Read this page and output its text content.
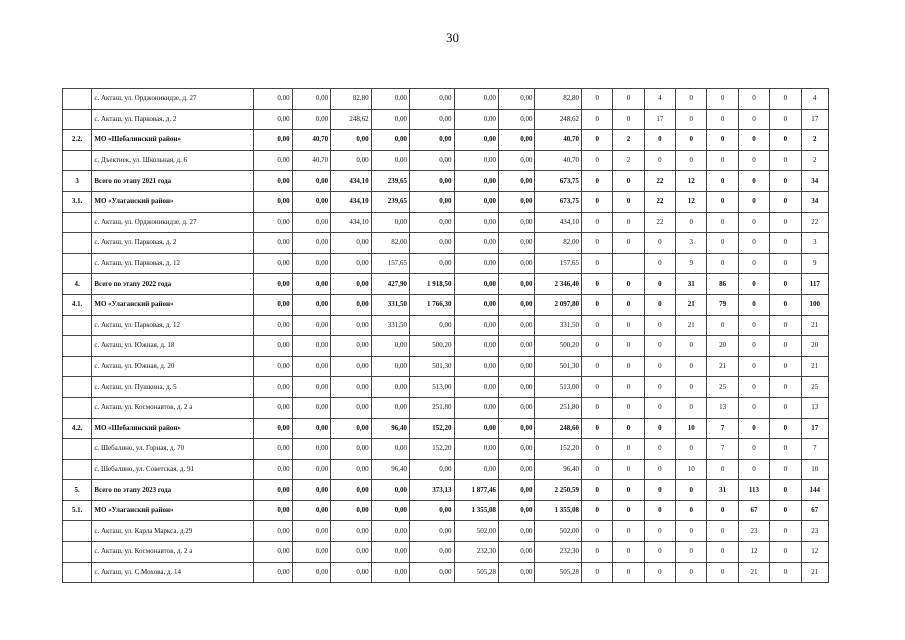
30
	с. Акташ, ул. Орджоникидзе, д. 27	0,00	0,00	82,80	0,00	0,00	0,00	0,00	82,80	0	0	4	0	0	0	0	4
	с. Акташ, ул. Парковая, д. 2	0,00	0,00	248,62	0,00	0,00	0,00	0,00	248,62	0	0	17	0	0	0	0	17
2.2.	МО «Шебалинский район»	0,00	40,70	0,00	0,00	0,00	0,00	0,00	40,70	0	2	0	0	0	0	0	2
	с. Дъектиек, ул. Школьная, д. 6	0,00	40,70	0,00	0,00	0,00	0,00	0,00	40,70	0	2	0	0	0	0	0	2
3	Всего по этапу 2021 года	0,00	0,00	434,10	239,65	0,00	0,00	0,00	673,75	0	0	22	12	0	0	0	34
3.1.	МО «Улаганский район»	0,00	0,00	434,10	239,65	0,00	0,00	0,00	673,75	0	0	22	12	0	0	0	34
	с. Акташ, ул. Орджоникидзе, д. 27	0,00	0,00	434,10	0,00	0,00	0,00	0,00	434,10	0	0	22	0	0	0	0	22
	с. Акташ, ул. Парковая, д. 2	0,00	0,00	0,00	82,00	0,00	0,00	0,00	82,00	0	0	0	3	0	0	0	3
	с. Акташ, ул. Парковая, д. 12	0,00	0,00	0,00	157,65	0,00	0,00	0,00	157,65	0		0	9	0	0	0	9
4.	Всего по этапу 2022 года	0,00	0,00	0,00	427,90	1 918,50	0,00	0,00	2 346,40	0	0	0	31	86	0	0	117
4.1.	МО «Улаганский район»	0,00	0,00	0,00	331,50	1 766,30	0,00	0,00	2 097,80	0	0	0	21	79	0	0	100
	с. Акташ, ул. Парковая, д. 12	0,00	0,00	0,00	331,50	0,00	0,00	0,00	331,50	0	0	0	21	0	0	0	21
	с. Акташ, ул. Южная, д. 18	0,00	0,00	0,00	0,00	500,20	0,00	0,00	500,20	0	0	0	0	20	0	0	20
	с. Акташ, ул. Южная, д. 20	0,00	0,00	0,00	0,00	501,30	0,00	0,00	501,30	0	0	0	0	21	0	0	21
	с. Акташ, ул. Пушкина, д. 5	0,00	0,00	0,00	0,00	513,00	0,00	0,00	513,00	0	0	0	0	25	0	0	25
	с. Акташ, ул. Космонавтов, д. 2 а	0,00	0,00	0,00	0,00	251,80	0,00	0,00	251,80	0	0	0	0	13	0	0	13
4.2.	МО «Шебалинский район»	0,00	0,00	0,00	96,40	152,20	0,00	0,00	248,60	0	0	0	10	7	0	0	17
	с. Шебалино, ул. Горная, д. 70	0,00	0,00	0,00	0,00	152,20	0,00	0,00	152,20	0	0	0	0	7	0	0	7
	с. Шебалино, ул. Советская, д. 91	0,00	0,00	0,00	96,40	0,00	0,00	0,00	96,40	0	0	0	10	0	0	0	10
5.	Всего по этапу 2023 года	0,00	0,00	0,00	0,00	373,13	1 877,46	0,00	2 250,59	0	0	0	0	31	113	0	144
5.1.	МО «Улаганский район»	0,00	0,00	0,00	0,00	0,00	1 355,08	0,00	1 355,08	0	0	0	0	0	67	0	67
	с. Акташ, ул. Карла Маркса, д.29	0,00	0,00	0,00	0,00	0,00	502,00	0,00	502,00	0	0	0	0	0	23	0	23
	с. Акташ, ул. Космонавтов, д. 2 а	0,00	0,00	0,00	0,00	0,00	232,30	0,00	232,30	0	0	0	0	0	12	0	12
	с. Акташ, ул. С.Мохова, д. 14	0,00	0,00	0,00	0,00	0,00	505,28	0,00	505,28	0	0	0	0	0	21	0	21
